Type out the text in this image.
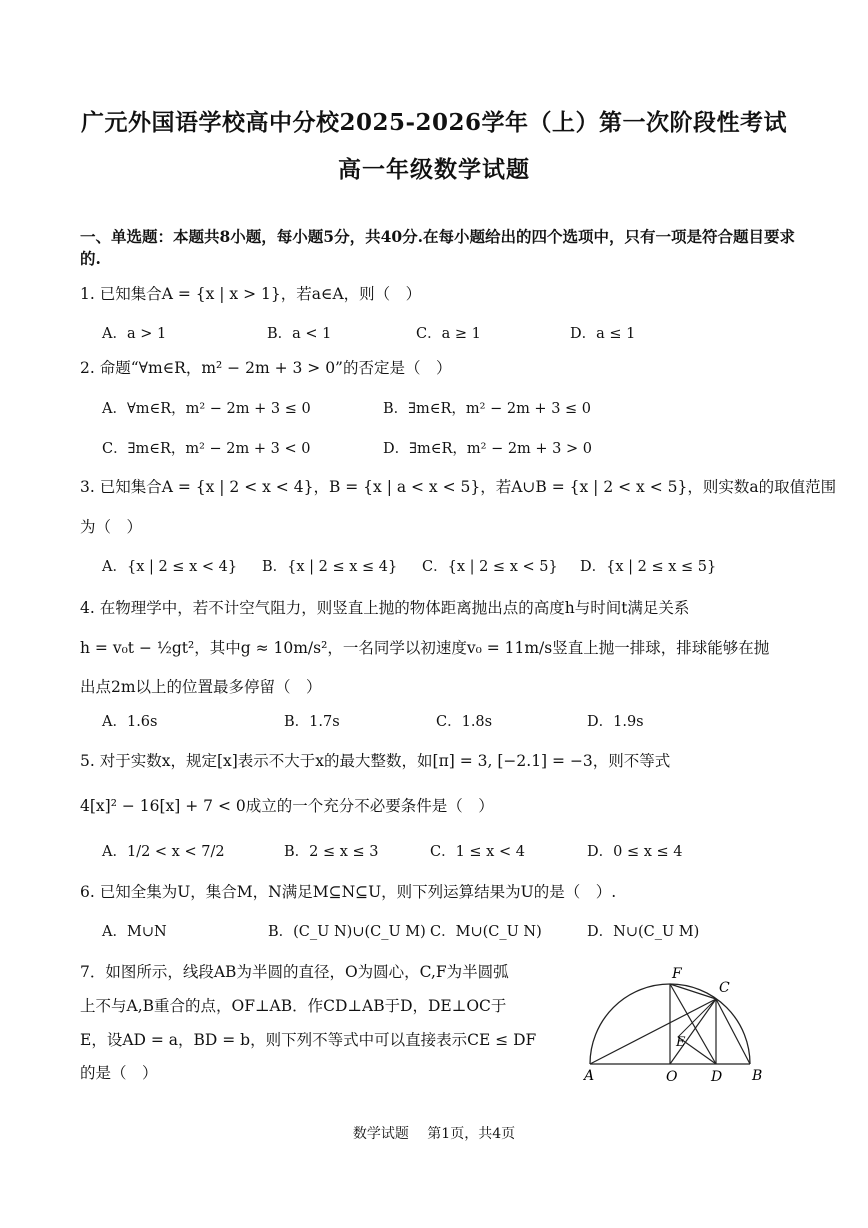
广元外国语学校高中分校2025-2026学年（上）第一次阶段性考试
高一年级数学试题
一、单选题：本题共8小题，每小题5分，共40分.在每小题给出的四个选项中，只有一项是符合题目要求的.
1. 已知集合A = {x | x > 1}，若a∈A，则（　）
A．a > 1	B．a < 1	C．a ≥ 1	D．a ≤ 1
2. 命题“∀m∈R，m² − 2m + 3 > 0”的否定是（　）
A．∀m∈R，m² − 2m + 3 ≤ 0	B．∃m∈R，m² − 2m + 3 ≤ 0
C．∃m∈R，m² − 2m + 3 < 0	D．∃m∈R，m² − 2m + 3 > 0
3. 已知集合A = {x | 2 < x < 4}，B = {x | a < x < 5}，若A∪B = {x | 2 < x < 5}，则实数a的取值范围
为（　）
A．{x | 2 ≤ x < 4} B．{x | 2 ≤ x ≤ 4} C．{x | 2 ≤ x < 5} D．{x | 2 ≤ x ≤ 5}
4. 在物理学中，若不计空气阻力，则竖直上抛的物体距离抛出点的高度h与时间t满足关系
h = v₀t − ½gt²，其中g ≈ 10m/s²，一名同学以初速度v₀ = 11m/s竖直上抛一排球，排球能够在抛
出点2m以上的位置最多停留（　）
A．1.6s	B．1.7s	C．1.8s	D．1.9s
5. 对于实数x，规定[x]表示不大于x的最大整数，如[π] = 3, [−2.1] = −3，则不等式
4[x]² − 16[x] + 7 < 0成立的一个充分不必要条件是（　）
A．1/2 < x < 7/2	B．2 ≤ x ≤ 3	C．1 ≤ x < 4	D．0 ≤ x ≤ 4
6. 已知全集为U，集合M，N满足M⊆N⊆U，则下列运算结果为U的是（　）.
A．M∪N	B．(C_U N)∪(C_U M) C．M∪(C_U N)	D．N∪(C_U M)
7．如图所示，线段AB为半圆的直径，O为圆心，C,F为半圆弧
上不与A,B重合的点，OF⊥AB．作CD⊥AB于D，DE⊥OC于
E，设AD = a，BD = b，则下列不等式中可以直接表示CE ≤ DF
的是（　）
F
C
E
A	O D B
数学试题　 第1页，共4页
